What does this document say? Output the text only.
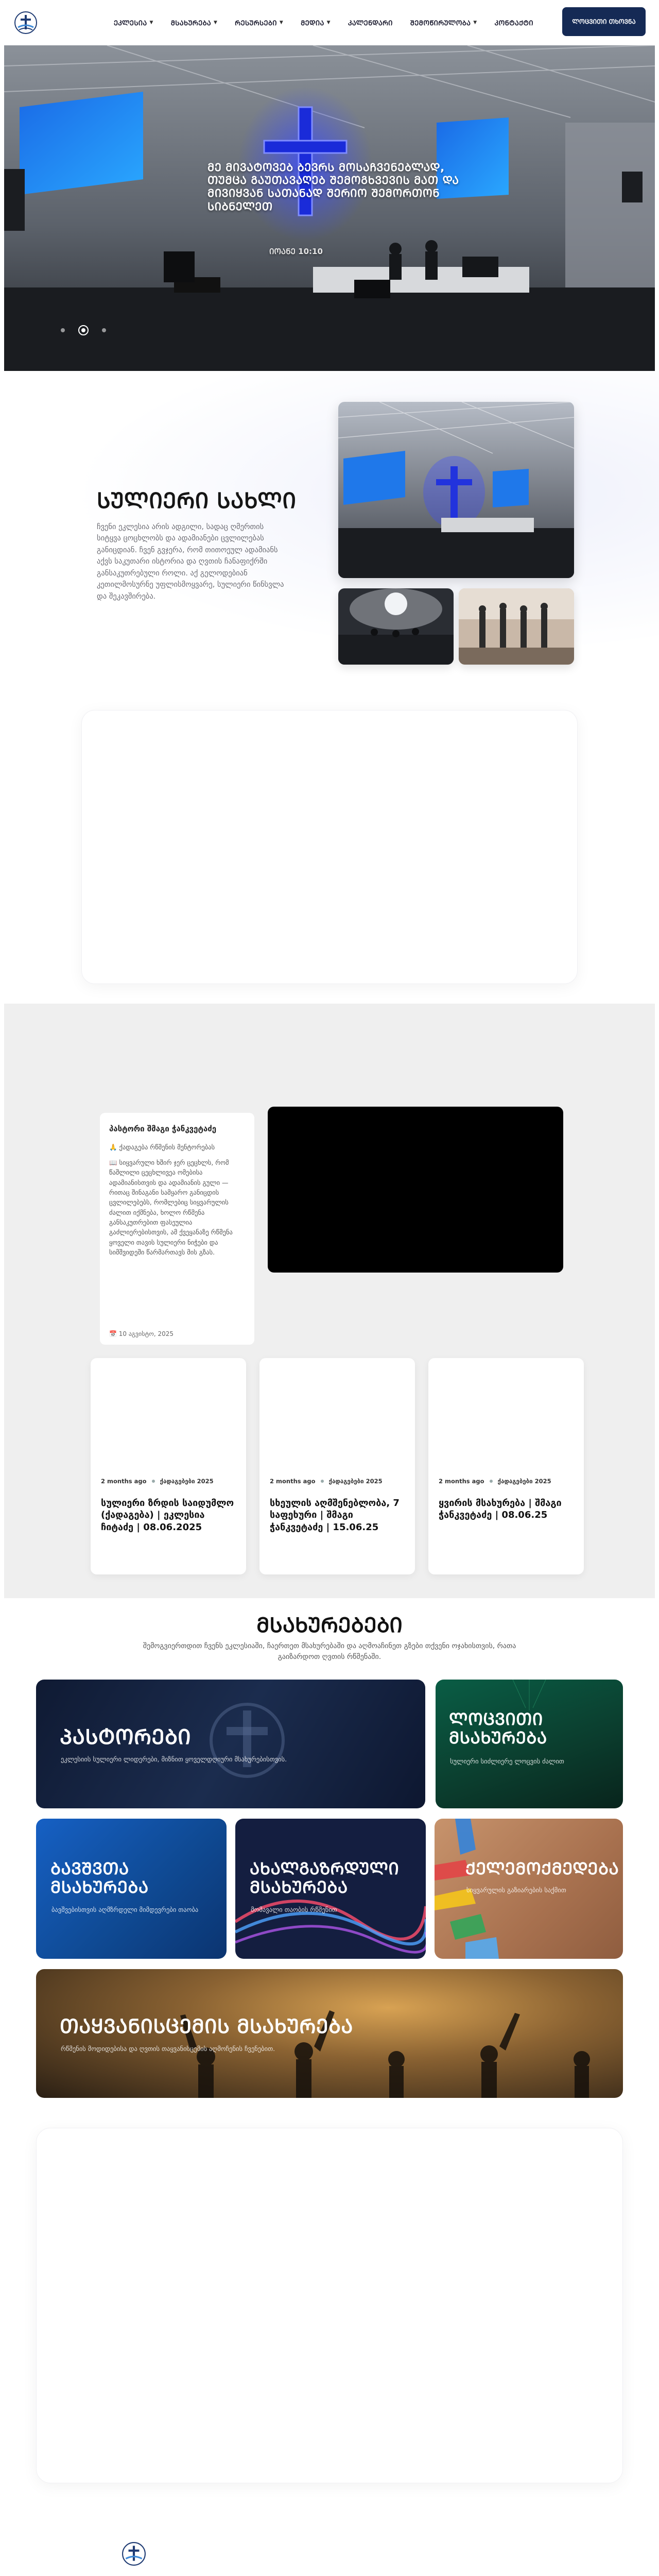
ᲔᲙᲚᲔᲡᲘᲐ ▼	ᲛᲡᲐᲮᲣᲠᲔᲑᲐ ▼	ᲠᲔᲡᲣᲠᲡᲔᲑᲘ ▼	ᲛᲔᲓᲘᲐ ▼	ᲙᲐᲚᲔᲜᲓᲐᲠᲘ	ᲨᲔᲛᲝᲬᲘᲠᲣᲚᲝᲑᲐ ▼	ᲙᲝᲜᲢᲐᲥᲢᲘ	ᲚᲝᲪᲕᲘᲗᲘ ᲗᲮᲝᲕᲜᲐ
ᲛᲔ ᲛᲘᲕᲐᲢᲝᲕᲔᲑ ᲑᲔᲕᲠᲡ ᲛᲝᲡᲐᲩᲕᲔᲜᲔᲑᲚᲐᲓ, ᲗᲣᲛᲪᲐ ᲒᲐᲣᲗᲐᲕᲐᲦᲔᲑ ᲨᲔᲛᲝᲒᲮᲕᲔᲕᲘᲡ ᲛᲐᲗ ᲓᲐ ᲛᲘᲕᲘᲧᲕᲐᲜ ᲡᲐᲗᲐᲜᲐᲓ ᲨᲔᲠᲘᲝ ᲨᲔᲛᲝᲠᲗᲝᲜ ᲡᲘᲑᲜᲔᲚᲔᲗ
ᲘᲝᲐᲜᲔ 10:10
ᲡᲣᲚᲘᲔᲠᲘ ᲡᲐᲮᲚᲘ
ჩვენი ეკლესია არის ადგილი, სადაც ღმერთის სიტყვა ცოცხლობს და ადამიანები ცვლილებას განიცდიან. ჩვენ გვჯერა, რომ თითოეულ ადამიანს აქვს საკუთარი ისტორია და ღვთის ჩანაფიქრში განსაკუთრებული როლი. აქ გელოდებიან კეთილმოსურნე უფლისმოყვარე, სულიერი წინსვლა და შეკავშირება.
პასტორი შმაგი ჭანკვეტაძე
🙏 ქადაგება რწმენის მენტორებას
📖 სიყვარული ხშირ ჯერ ცეცხლს, რომ წაშლილი ცეცხლივეა ომებისა ადამიანისთვის და ადამიანის გული — რითაც შინაგანი სამყარო განიცდის ცვლილებებს, რომლებიც სიყვარულის ძალით იქმნება, ხოლო რწმენა განსაკუთრებით ფასეულია გაძლიერებისთვის, ამ ქვეყანაზე რწმენა ყოველი თავის სულიერი ნიჭები და სიმშვიდეში წარმართავს მის გზას.
📅 10 აგვისტო, 2025
2 months ago ქადაგებები 2025
სულიერი ზრდის საიდუმლო (ქადაგება) | ეკლესია ჩიტაძე | 08.06.2025
2 months ago ქადაგებები 2025
სხეულის აღმშენებლობა, 7 საფეხური | შმაგი ჭანკვეტაძე | 15.06.25
2 months ago ქადაგებები 2025
ყვირის მსახურება | შმაგი ჭანკვეტაძე | 08.06.25
ᲛᲡᲐᲮᲣᲠᲔᲑᲔᲑᲘ
შემოგვიერთდით ჩვენს ეკლესიაში, ჩაერთეთ მსახურებაში და აღმოაჩინეთ გზები თქვენი ოჯახისთვის, რათა გაიზარდოთ ღვთის რწმენაში.
ᲞᲐᲡᲢᲝᲠᲔᲑᲘ
ეკლესიის სულიერი ლიდერები, მიზნით ყოველდღიური მსახურებისთვის.
ᲚᲝᲪᲕᲘᲗᲘ ᲛᲡᲐᲮᲣᲠᲔᲑᲐ
სულიერი სიძლიერე ლოცვის ძალით
ᲑᲐᲕᲨᲕᲗᲐ ᲛᲡᲐᲮᲣᲠᲔᲑᲐ
ბავშვებისთვის აღმზრდელი მიმდევრები თაობა
ᲐᲮᲐᲚᲒᲐᲖᲠᲓᲣᲚᲘ ᲛᲡᲐᲮᲣᲠᲔᲑᲐ
მომავალი თაობის რწმენით
ᲥᲔᲚᲔᲛᲝᲥᲛᲔᲓᲔᲑᲐ
სიყვარულის გაზიარების საქმით
ᲗᲐᲧᲕᲐᲜᲘᲡᲪᲔᲛᲘᲡ ᲛᲡᲐᲮᲣᲠᲔᲑᲐ
რწმენის მოდიდებისა და ღვთის თაყვანისცემის აღმოჩენის ჩვენებით.
